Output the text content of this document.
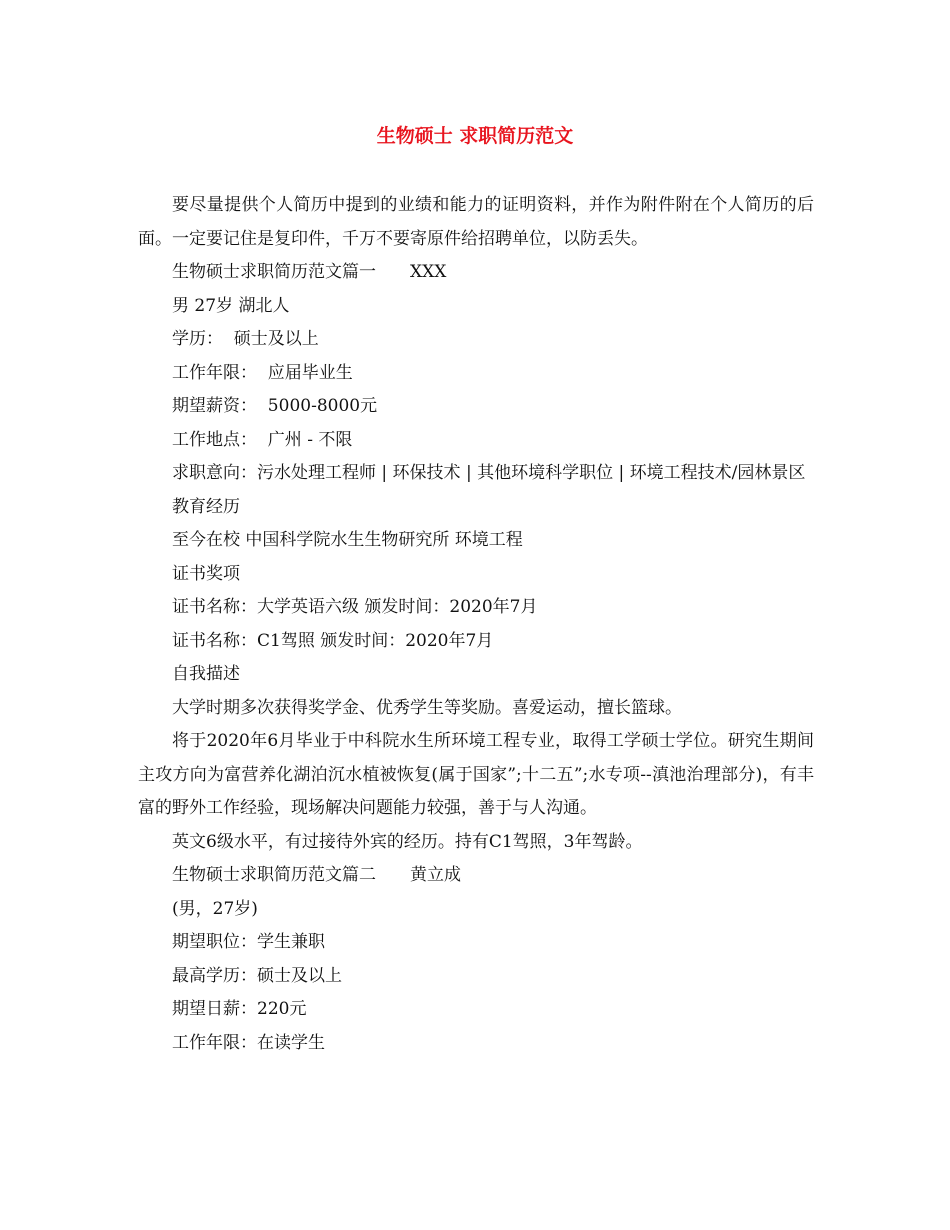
生物硕士 求职简历范文

要尽量提供个人简历中提到的业绩和能力的证明资料，并作为附件附在个人简历的后面。一定要记住是复印件，千万不要寄原件给招聘单位，以防丢失。

生物硕士求职简历范文篇一　　XXX

男 27岁 湖北人

学历：  硕士及以上

工作年限：  应届毕业生

期望薪资：  5000-8000元

工作地点：  广州 - 不限

求职意向：污水处理工程师 | 环保技术 | 其他环境科学职位 | 环境工程技术/园林景区

教育经历

至今在校 中国科学院水生生物研究所 环境工程

证书奖项

证书名称：大学英语六级 颁发时间：2020年7月

证书名称：C1驾照 颁发时间：2020年7月

自我描述

大学时期多次获得奖学金、优秀学生等奖励。喜爱运动，擅长篮球。

将于2020年6月毕业于中科院水生所环境工程专业，取得工学硕士学位。研究生期间主攻方向为富营养化湖泊沉水植被恢复(属于国家”;十二五”;水专项--滇池治理部分)，有丰富的野外工作经验，现场解决问题能力较强，善于与人沟通。

英文6级水平，有过接待外宾的经历。持有C1驾照，3年驾龄。

生物硕士求职简历范文篇二　　黄立成

(男，27岁)

期望职位：学生兼职

最高学历：硕士及以上

期望日薪：220元

工作年限：在读学生
